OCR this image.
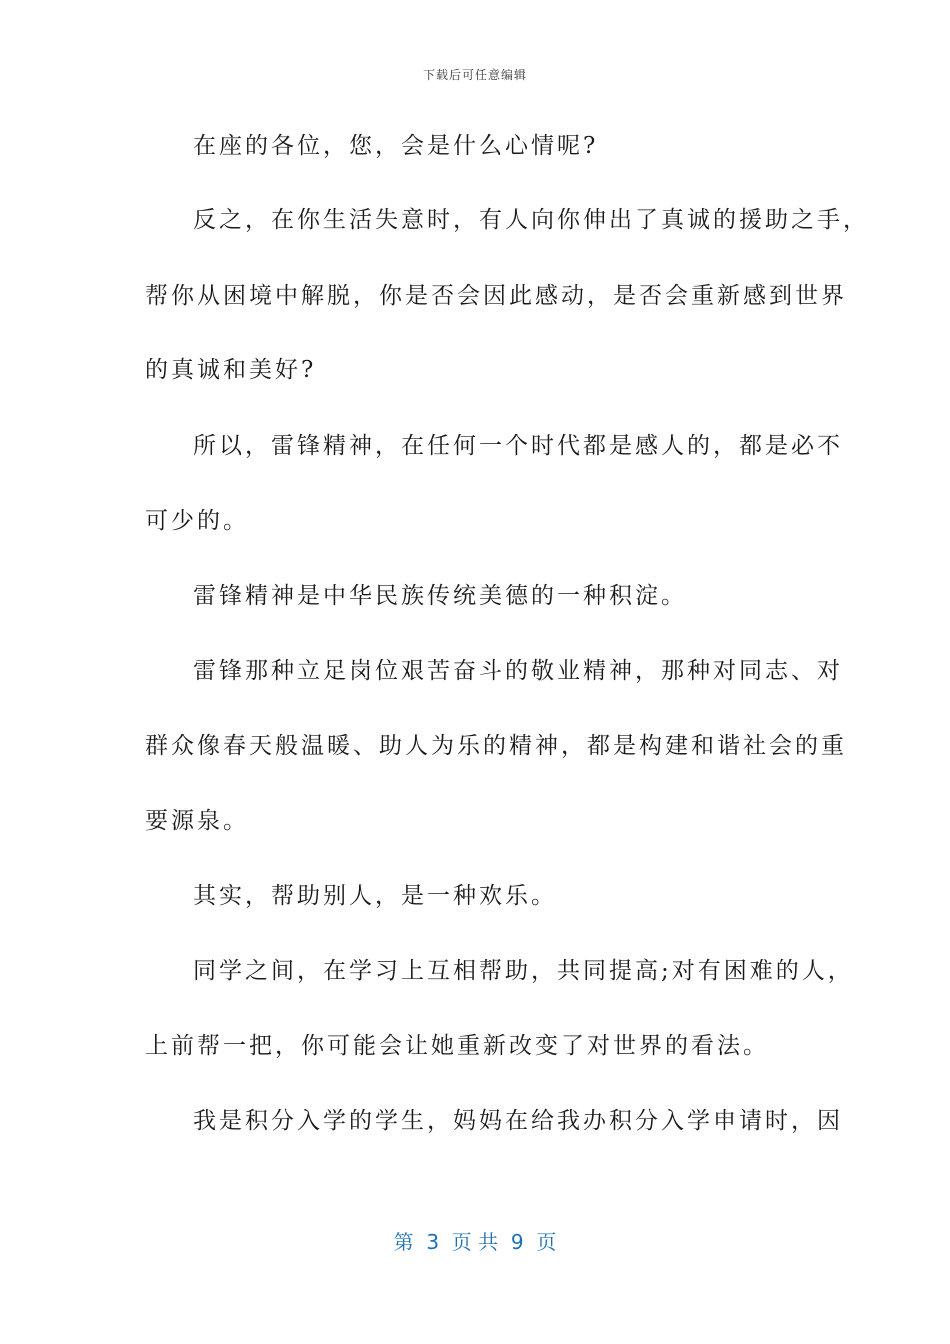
下载后可任意编辑
在座的各位，您，会是什么心情呢?
反之，在你生活失意时，有人向你伸出了真诚的援助之手，
帮你从困境中解脱，你是否会因此感动，是否会重新感到世界
的真诚和美好?
所以，雷锋精神，在任何一个时代都是感人的，都是必不
可少的。
雷锋精神是中华民族传统美德的一种积淀。
雷锋那种立足岗位艰苦奋斗的敬业精神，那种对同志、对
群众像春天般温暖、助人为乐的精神，都是构建和谐社会的重
要源泉。
其实，帮助别人，是一种欢乐。
同学之间，在学习上互相帮助，共同提高;对有困难的人，
上前帮一把，你可能会让她重新改变了对世界的看法。
我是积分入学的学生，妈妈在给我办积分入学申请时，因
第  3  页 共  9  页
